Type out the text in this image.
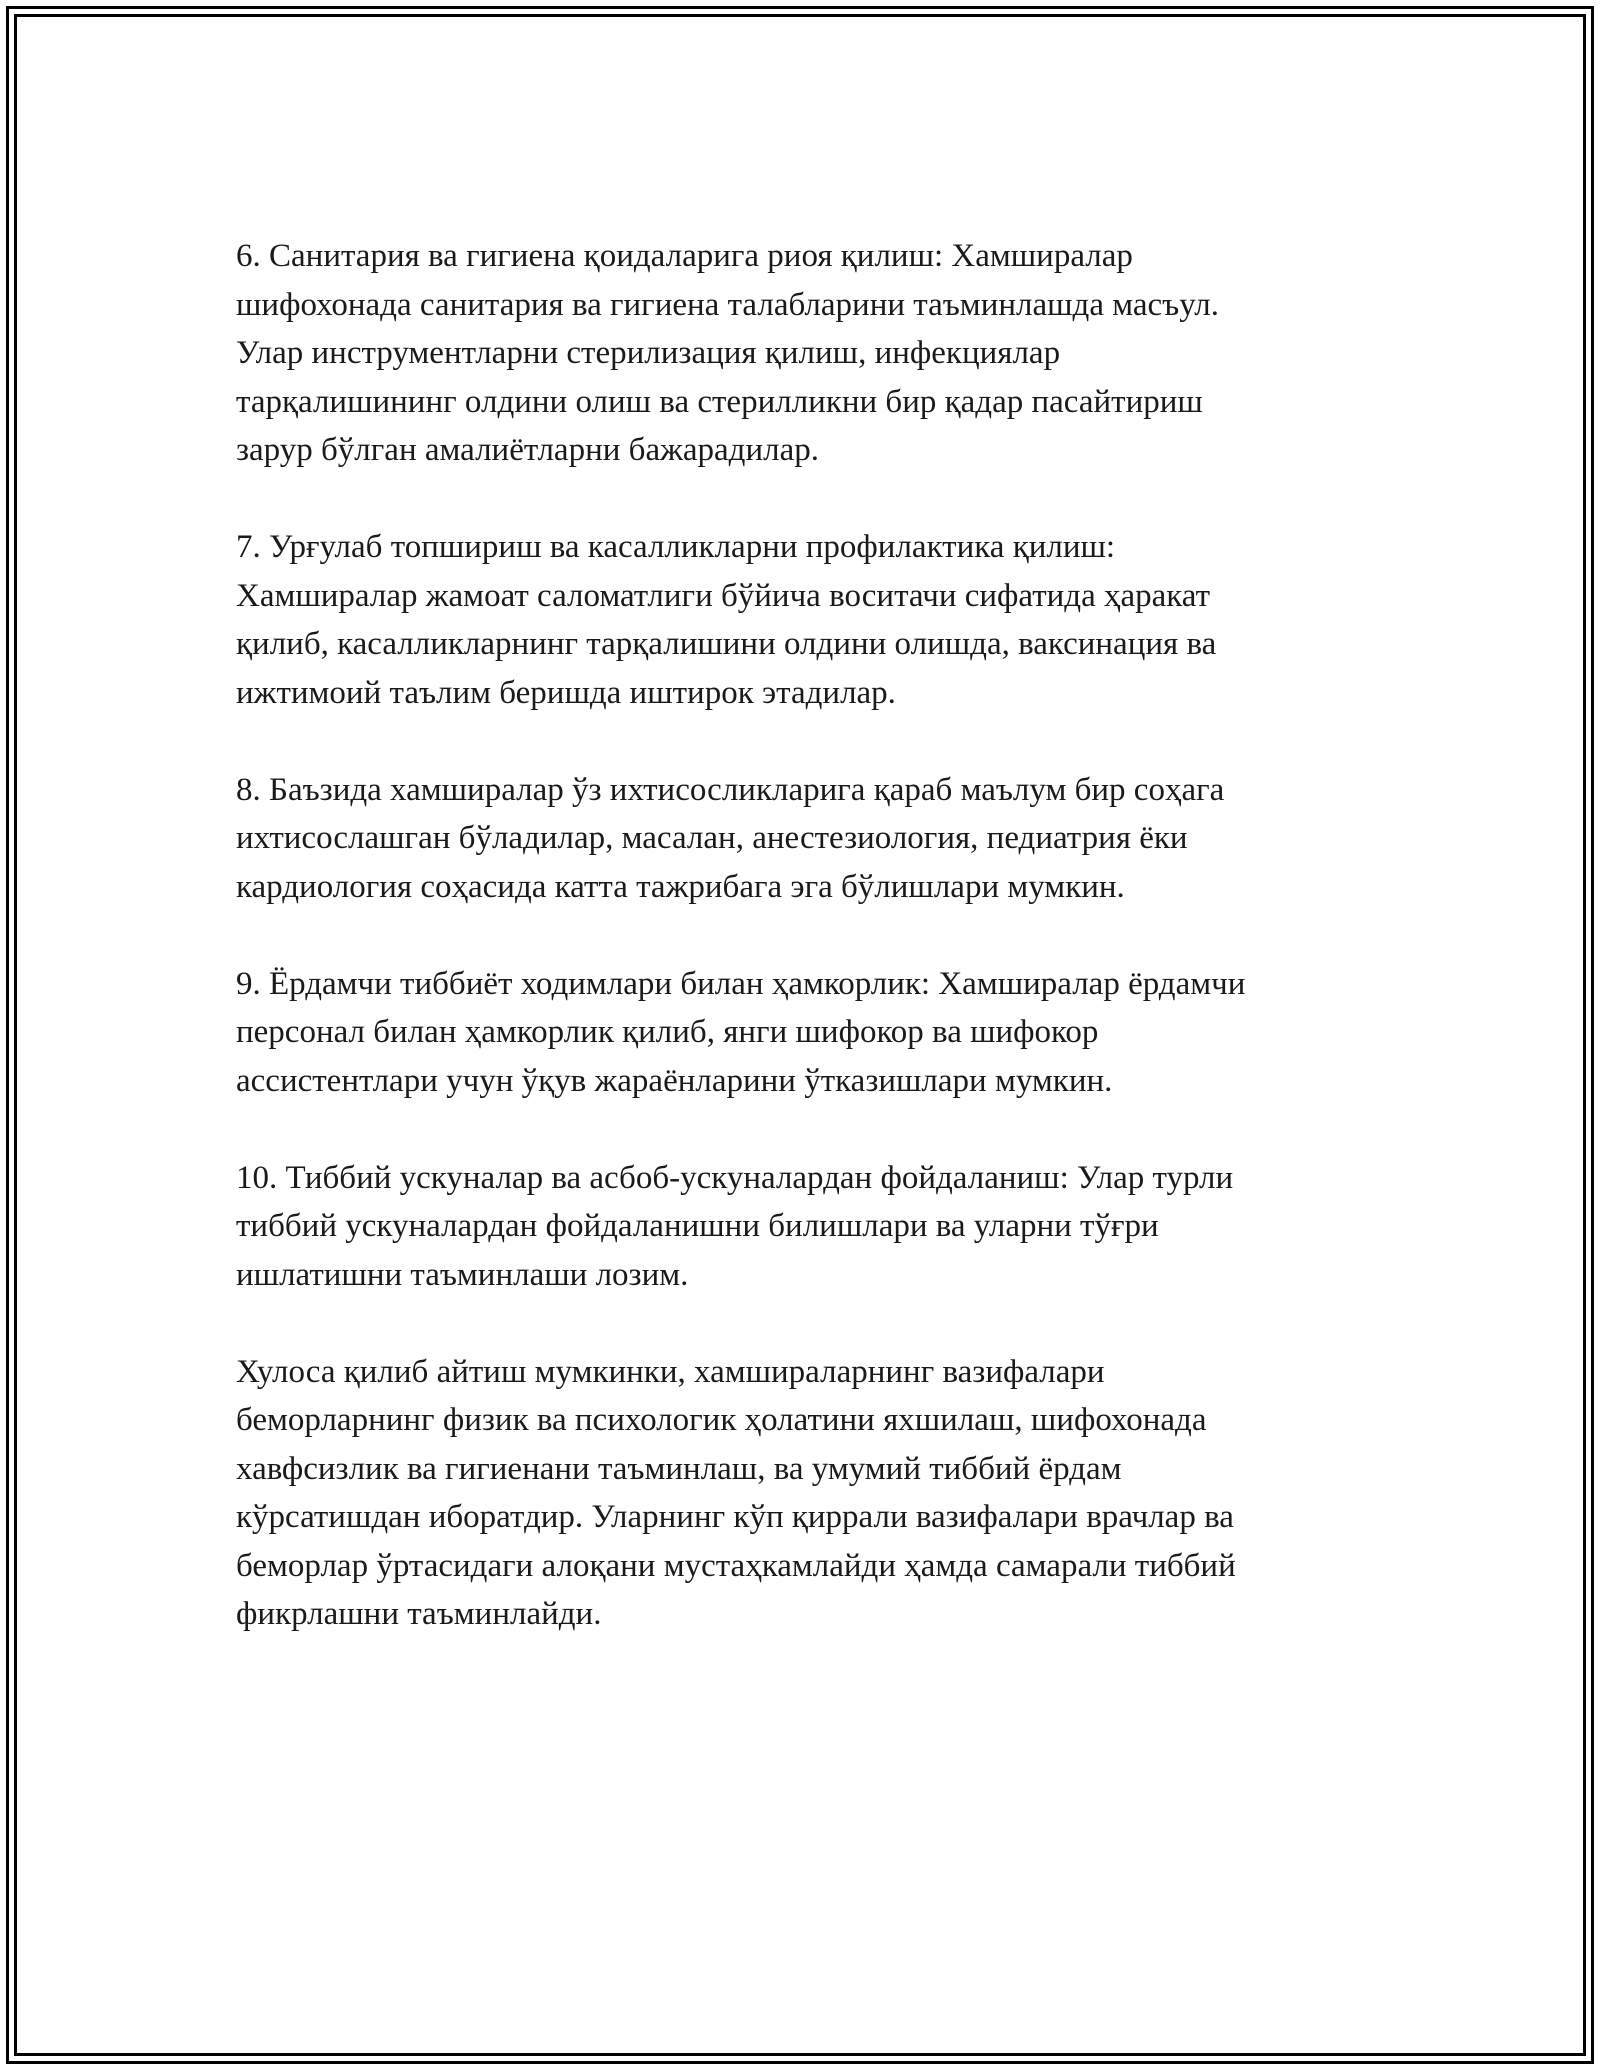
6. Санитария ва гигиена қоидаларига риоя қилиш: Хамширалар
шифохонада санитария ва гигиена талабларини таъминлашда масъул.
Улар инструментларни стерилизация қилиш, инфекциялар
тарқалишининг олдини олиш ва стерилликни бир қадар пасайтириш
зарур бўлган амалиётларни бажарадилар.

7. Урғулаб топшириш ва касалликларни профилактика қилиш:
Хамширалар жамоат саломатлиги бўйича воситачи сифатида ҳаракат
қилиб, касалликларнинг тарқалишини олдини олишда, ваксинация ва
ижтимоий таълим беришда иштирок этадилар.

8. Баъзида хамширалар ўз ихтисосликларига қараб маълум бир соҳага
ихтисослашган бўладилар, масалан, анестезиология, педиатрия ёки
кардиология соҳасида катта тажрибага эга бўлишлари мумкин.

9. Ёрдамчи тиббиёт ходимлари билан ҳамкорлик: Хамширалар ёрдамчи
персонал билан ҳамкорлик қилиб, янги шифокор ва шифокор
ассистентлари учун ўқув жараёнларини ўтказишлари мумкин.

10. Тиббий ускуналар ва асбоб-ускуналардан фойдаланиш: Улар турли
тиббий ускуналардан фойдаланишни билишлари ва уларни тўғри
ишлатишни таъминлаши лозим.

Хулоса қилиб айтиш мумкинки, хамшираларнинг вазифалари
беморларнинг физик ва психологик ҳолатини яхшилаш, шифохонада
хавфсизлик ва гигиенани таъминлаш, ва умумий тиббий ёрдам
кўрсатишдан иборатдир. Уларнинг кўп қиррали вазифалари врачлар ва
беморлар ўртасидаги алоқани мустаҳкамлайди ҳамда самарали тиббий
фикрлашни таъминлайди.
